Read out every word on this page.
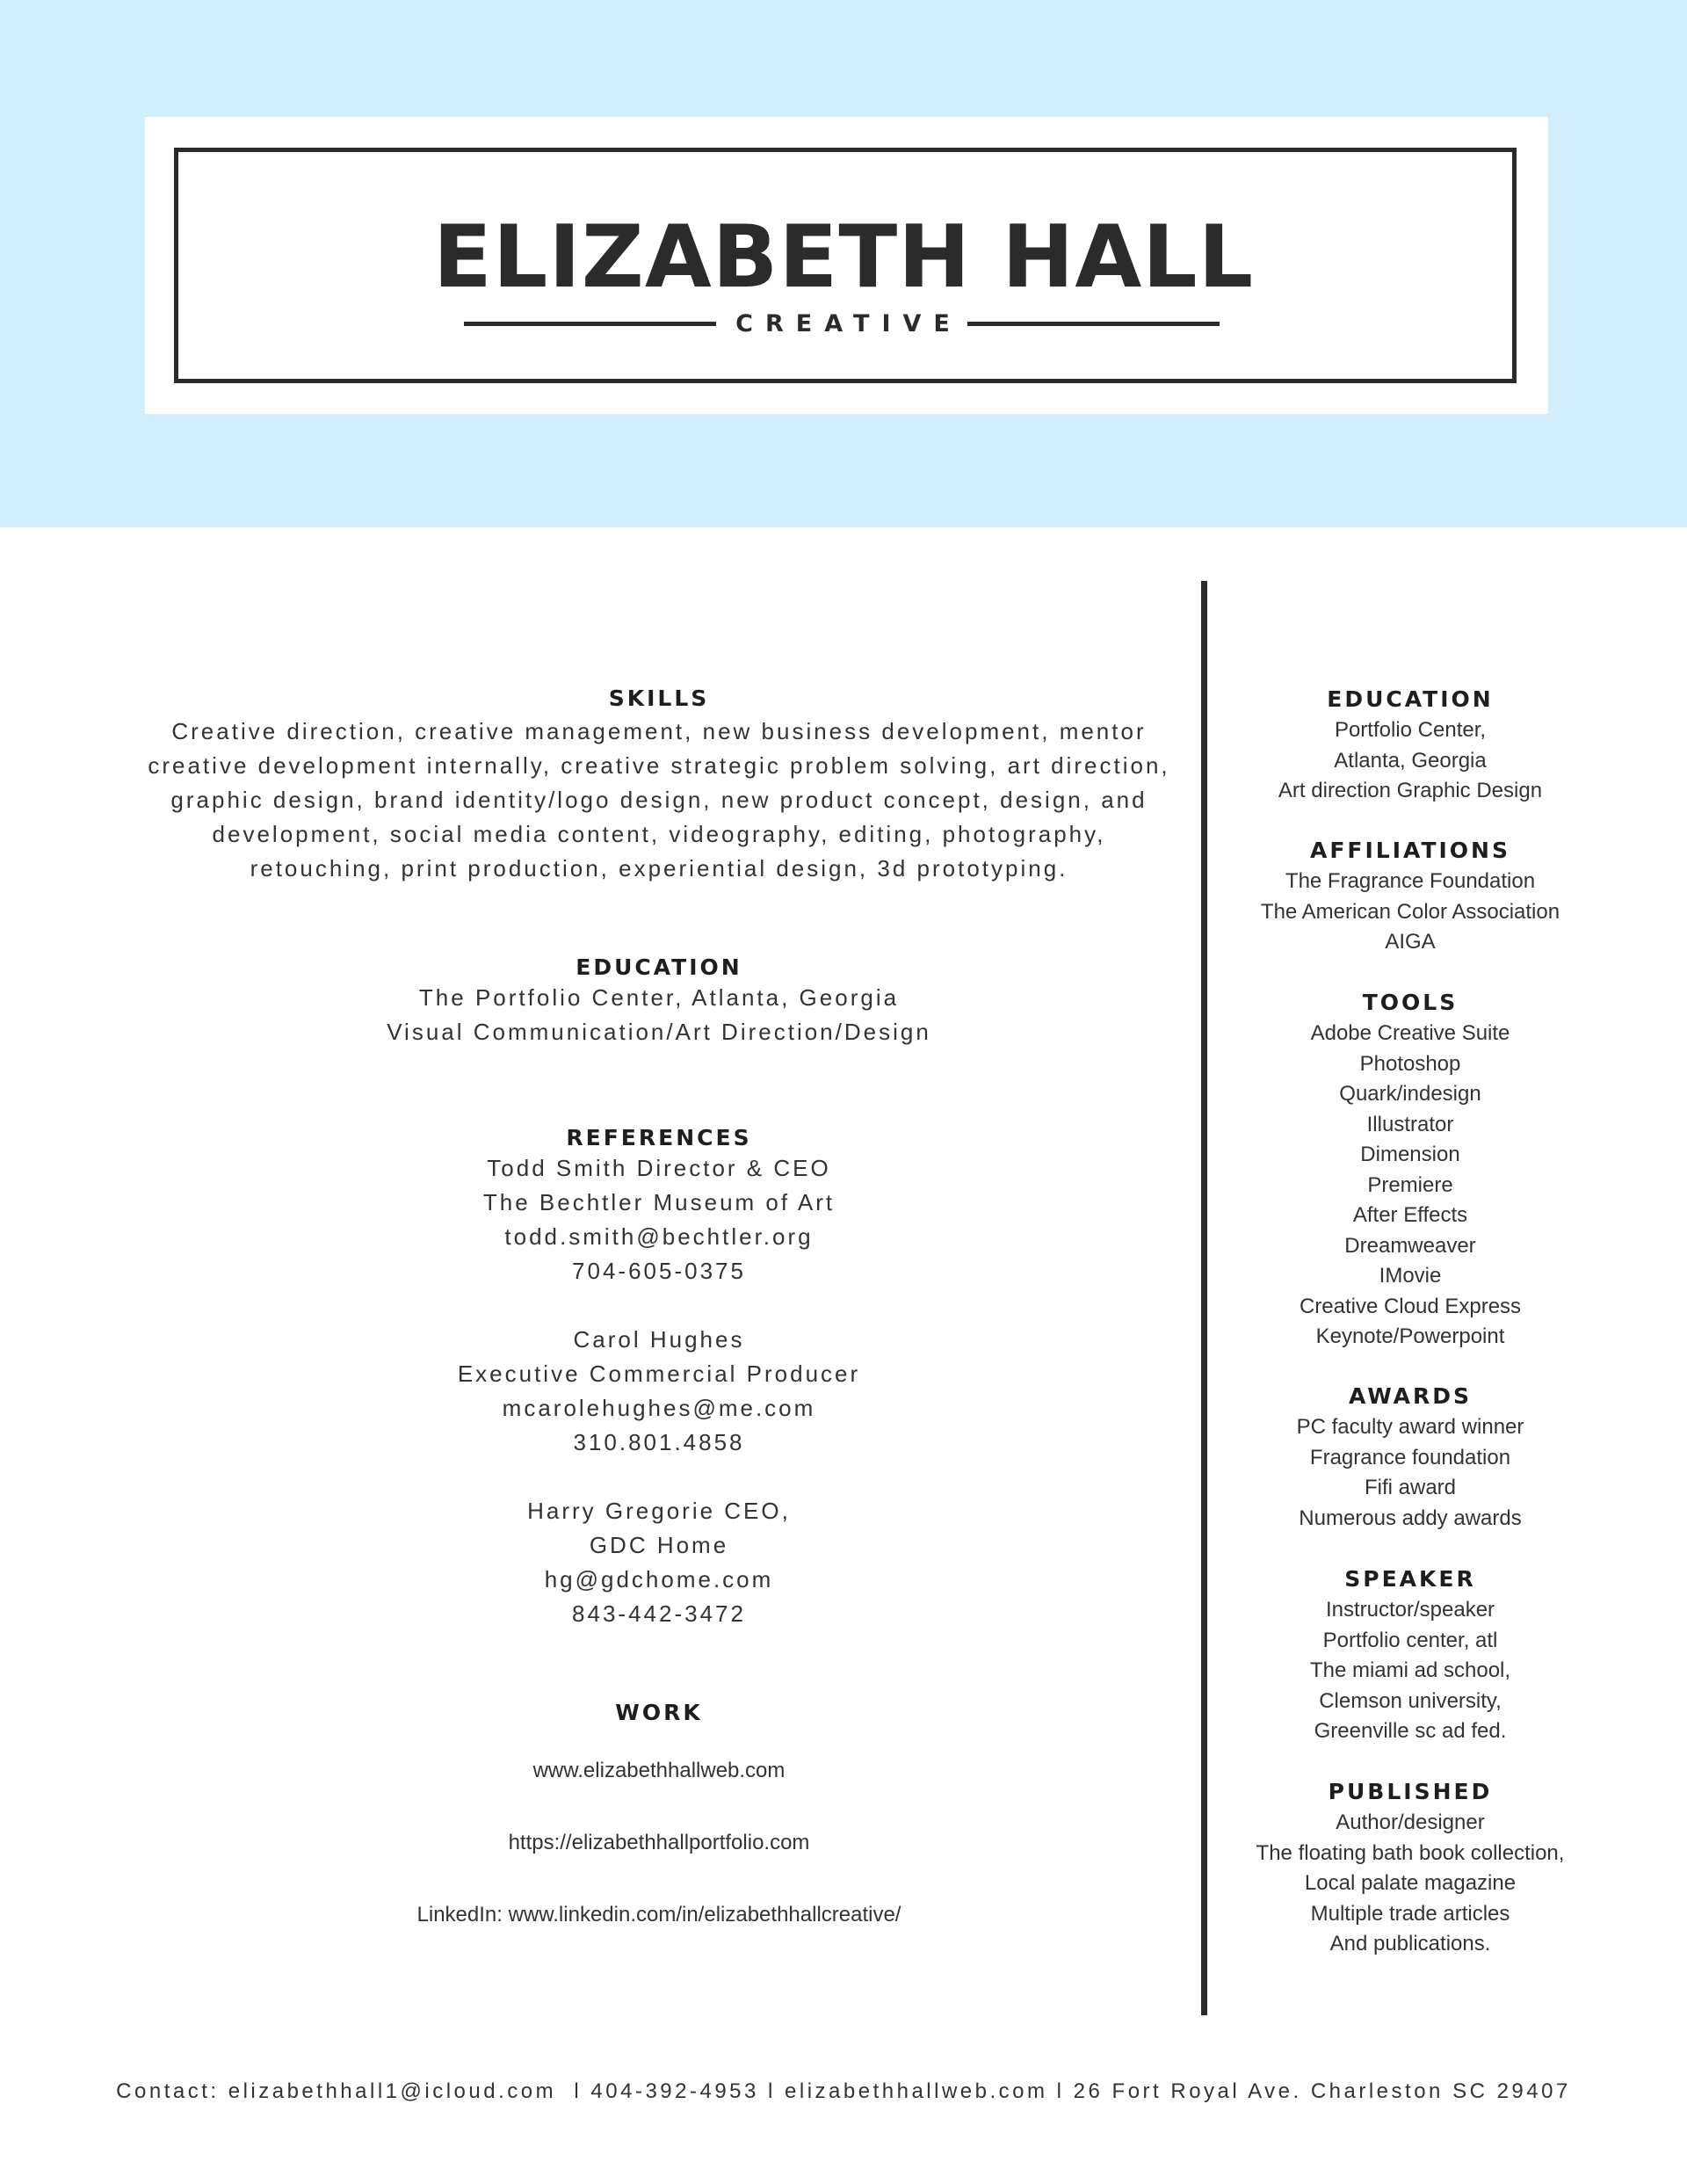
ELIZABETH HALL
CREATIVE
SKILLS
Creative direction, creative management, new business development, mentor
creative development internally, creative strategic problem solving, art direction,
graphic design, brand identity/logo design, new product concept, design, and
development, social media content, videography, editing, photography,
retouching, print production, experiential design, 3d prototyping.
EDUCATION
The Portfolio Center, Atlanta, Georgia
Visual Communication/Art Direction/Design
REFERENCES
Todd Smith Director & CEO
The Bechtler Museum of Art
todd.smith@bechtler.org
704-605-0375
Carol Hughes
Executive Commercial Producer
mcarolehughes@me.com
310.801.4858
Harry Gregorie CEO,
GDC Home
hg@gdchome.com
843-442-3472
WORK
www.elizabethhallweb.com
https://elizabethhallportfolio.com
LinkedIn: www.linkedin.com/in/elizabethhallcreative/
EDUCATION
Portfolio Center,
Atlanta, Georgia
Art direction Graphic Design
AFFILIATIONS
The Fragrance Foundation
The American Color Association
AIGA
TOOLS
Adobe Creative Suite
Photoshop
Quark/indesign
Illustrator
Dimension
Premiere
After Effects
Dreamweaver
IMovie
Creative Cloud Express
Keynote/Powerpoint
AWARDS
PC faculty award winner
Fragrance foundation
Fifi award
Numerous addy awards
SPEAKER
Instructor/speaker
Portfolio center, atl
The miami ad school,
Clemson university,
Greenville sc ad fed.
PUBLISHED
Author/designer
The floating bath book collection,
Local palate magazine
Multiple trade articles
And publications.
Contact: elizabethhall1@icloud.com  l 404-392-4953 l elizabethhallweb.com l 26 Fort Royal Ave. Charleston SC 29407
